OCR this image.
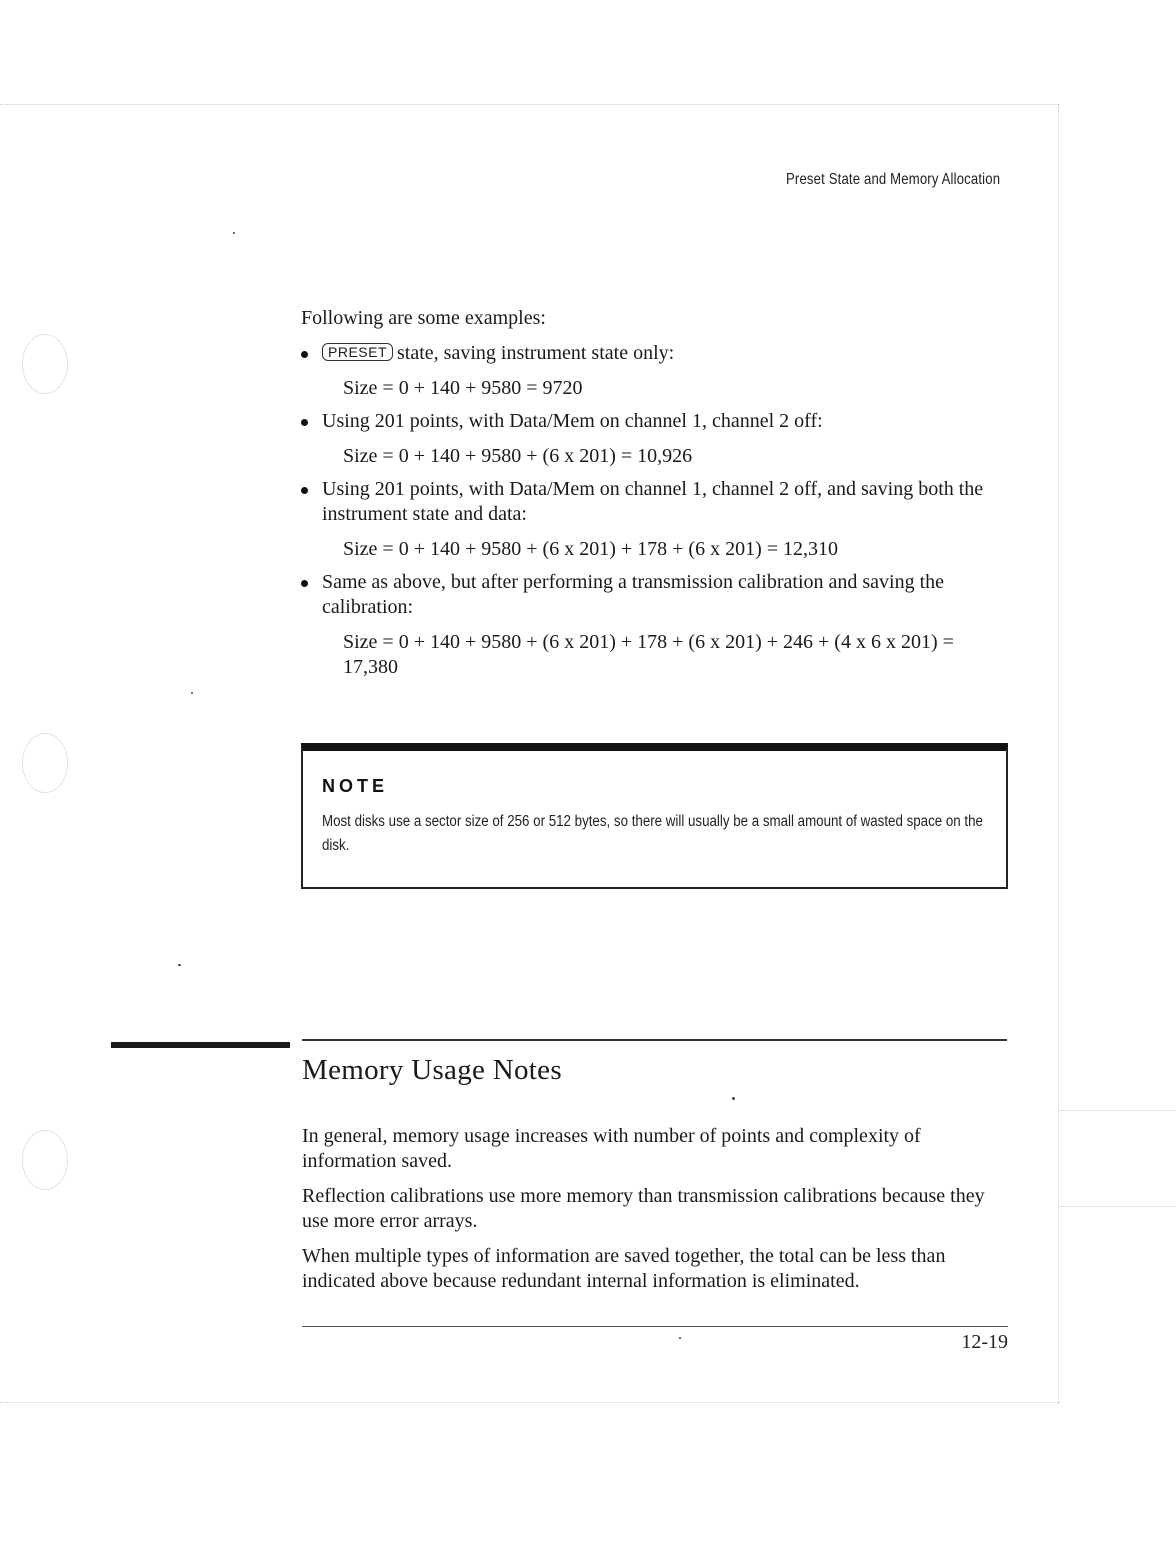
Preset State and Memory Allocation

Following are some examples:

PRESET state, saving instrument state only:

Size = 0 + 140 + 9580 = 9720

Using 201 points, with Data/Mem on channel 1, channel 2 off:

Size = 0 + 140 + 9580 + (6 x 201) = 10,926

Using 201 points, with Data/Mem on channel 1, channel 2 off, and saving both the instrument state and data:

Size = 0 + 140 + 9580 + (6 x 201) + 178 + (6 x 201) = 12,310

Same as above, but after performing a transmission calibration and saving the calibration:

Size = 0 + 140 + 9580 + (6 x 201) + 178 + (6 x 201) + 246 + (4 x 6 x 201) = 17,380

NOTE

Most disks use a sector size of 256 or 512 bytes, so there will usually be a small amount of wasted space on the disk.

Memory Usage Notes

In general, memory usage increases with number of points and complexity of information saved.

Reflection calibrations use more memory than transmission calibrations because they use more error arrays.

When multiple types of information are saved together, the total can be less than indicated above because redundant internal information is eliminated.

12-19
